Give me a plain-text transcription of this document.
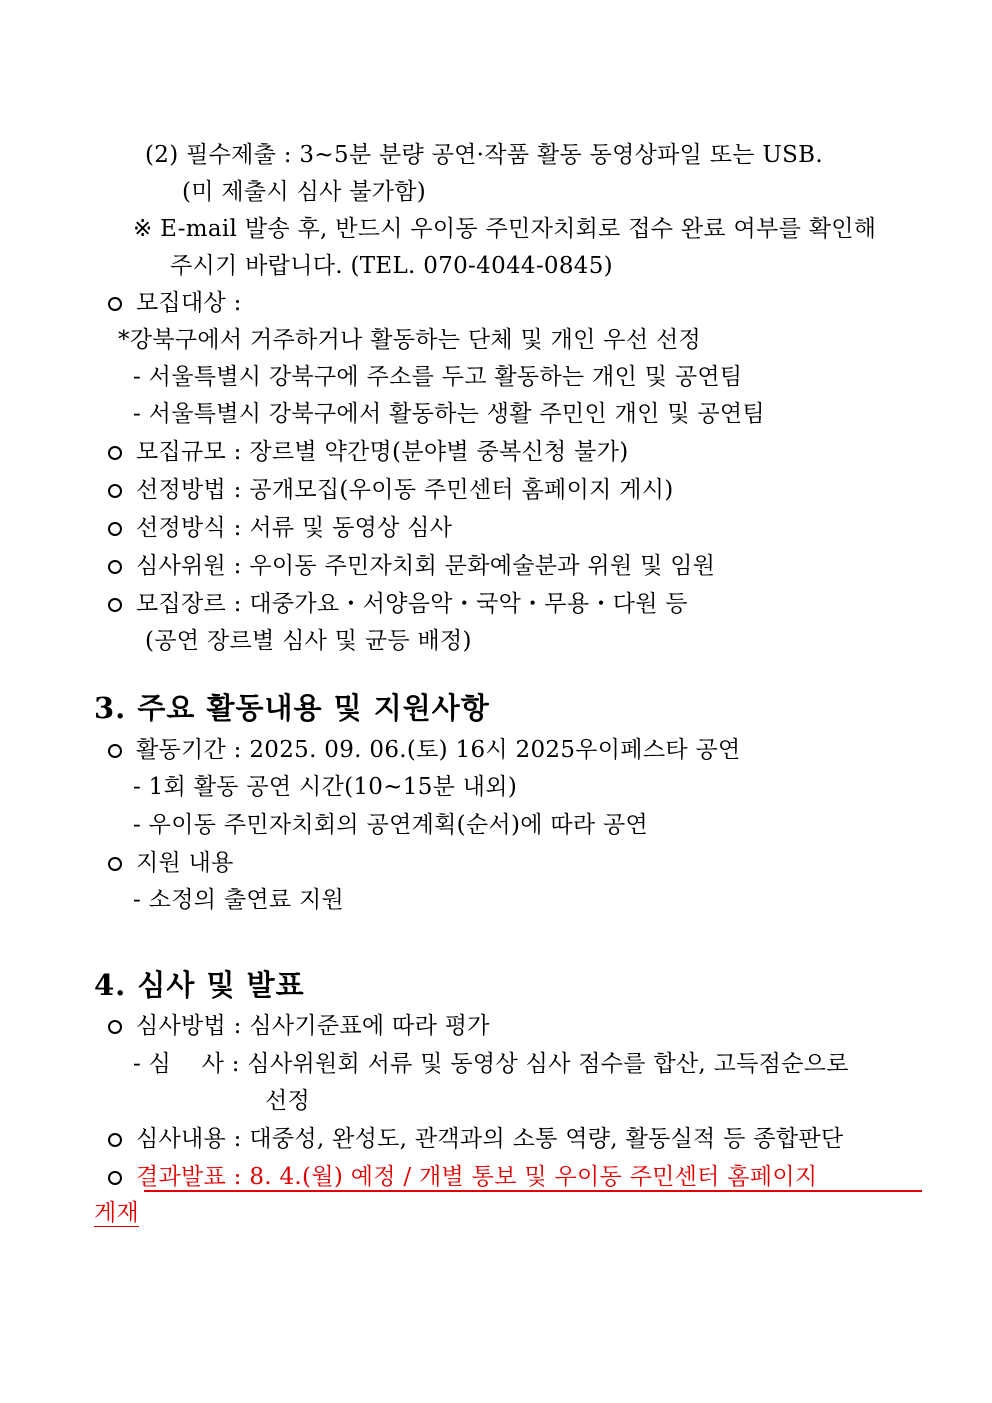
(2) 필수제출 : 3~5분 분량 공연·작품 활동 동영상파일 또는 USB.
(미 제출시 심사 불가함)
※ E-mail 발송 후, 반드시 우이동 주민자치회로 접수 완료 여부를 확인해
주시기 바랍니다. (TEL. 070-4044-0845)
모집대상 :
*강북구에서 거주하거나 활동하는 단체 및 개인 우선 선정
- 서울특별시 강북구에 주소를 두고 활동하는 개인 및 공연팀
- 서울특별시 강북구에서 활동하는 생활 주민인 개인 및 공연팀
모집규모 : 장르별 약간명(분야별 중복신청 불가)
선정방법 : 공개모집(우이동 주민센터 홈페이지 게시)
선정방식 : 서류 및 동영상 심사
심사위원 : 우이동 주민자치회 문화예술분과 위원 및 임원
모집장르 : 대중가요・서양음악・국악・무용・다원 등
(공연 장르별 심사 및 균등 배정)
3. 주요 활동내용 및 지원사항
활동기간 : 2025. 09. 06.(토) 16시 2025우이페스타 공연
- 1회 활동 공연 시간(10~15분 내외)
- 우이동 주민자치회의 공연계획(순서)에 따라 공연
지원 내용
- 소정의 출연료 지원
4. 심사 및 발표
심사방법 : 심사기준표에 따라 평가
- 심    사 : 심사위원회 서류 및 동영상 심사 점수를 합산, 고득점순으로
선정
심사내용 : 대중성, 완성도, 관객과의 소통 역량, 활동실적 등 종합판단
결과발표 : 8. 4.(월) 예정 / 개별 통보 및 우이동 주민센터 홈페이지
게재
